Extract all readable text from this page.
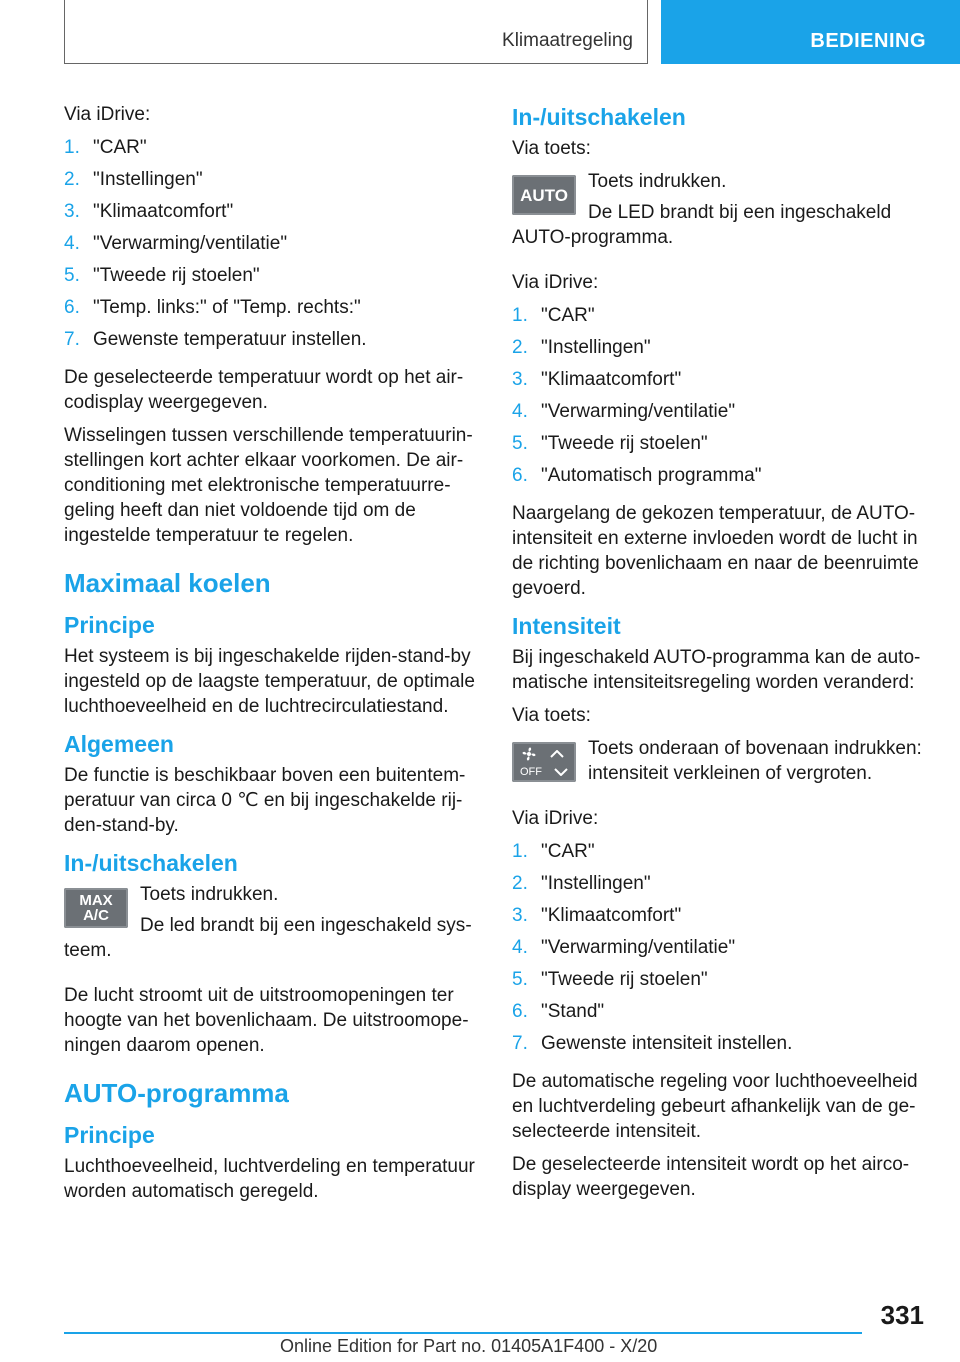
Klimaatregeling	BEDIENING

Via iDrive:

1. "CAR"
2. "Instellingen"
3. "Klimaatcomfort"
4. "Verwarming/ventilatie"
5. "Tweede rij stoelen"
6. "Temp. links:" of "Temp. rechts:"
7. Gewenste temperatuur instellen.

De geselecteerde temperatuur wordt op het aircodisplay weergegeven.

Wisselingen tussen verschillende temperatuurinstellingen kort achter elkaar voorkomen. De airconditioning met elektronische temperatuurregeling heeft dan niet voldoende tijd om de ingestelde temperatuur te regelen.

Maximaal koelen
Principe

Het systeem is bij ingeschakelde rijden-stand-by ingesteld op de laagste temperatuur, de optimale luchthoeveelheid en de luchtrecirculatiestand.

Algemeen

De functie is beschikbaar boven een buitentemperatuur van circa 0 ℃ en bij ingeschakelde rijden-stand-by.

In-/uitschakelen
MAX
A/C

Toets indrukken.

De led brandt bij een ingeschakeld systeem.

De lucht stroomt uit de uitstroomopeningen ter hoogte van het bovenlichaam. De uitstroomopeningen daarom openen.

AUTO-programma
Principe

Luchthoeveelheid, luchtverdeling en temperatuur worden automatisch geregeld.

In-/uitschakelen

Via toets:

AUTO

Toets indrukken.

De LED brandt bij een ingeschakeld AUTO-programma.

Via iDrive:

1. "CAR"
2. "Instellingen"
3. "Klimaatcomfort"
4. "Verwarming/ventilatie"
5. "Tweede rij stoelen"
6. "Automatisch programma"

Naargelang de gekozen temperatuur, de AUTO-intensiteit en externe invloeden wordt de lucht in de richting bovenlichaam en naar de beenruimte gevoerd.

Intensiteit

Bij ingeschakeld AUTO-programma kan de automatische intensiteitsregeling worden veranderd:

Via toets:

OFF

Toets onderaan of bovenaan indrukken: intensiteit verkleinen of vergroten.

Via iDrive:

1. "CAR"
2. "Instellingen"
3. "Klimaatcomfort"
4. "Verwarming/ventilatie"
5. "Tweede rij stoelen"
6. "Stand"
7. Gewenste intensiteit instellen.

De automatische regeling voor luchthoeveelheid en luchtverdeling gebeurt afhankelijk van de geselecteerde intensiteit.

De geselecteerde intensiteit wordt op het aircodisplay weergegeven.

331
Online Edition for Part no. 01405A1F400 - X/20
